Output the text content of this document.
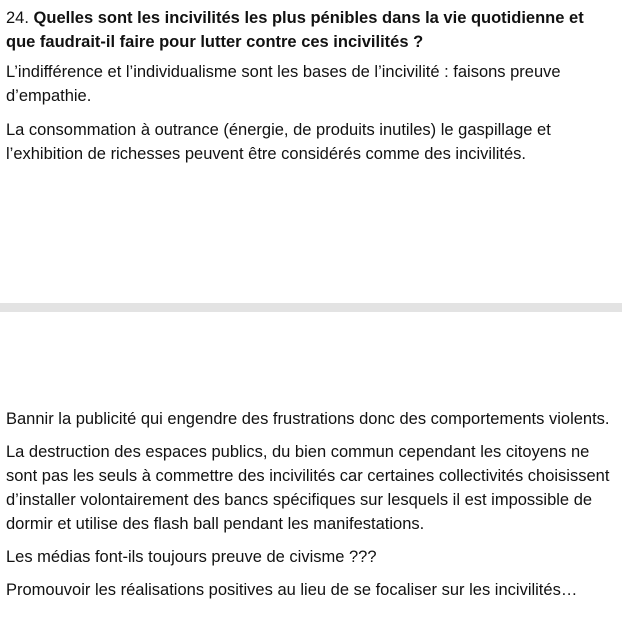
24. Quelles sont les incivilités les plus pénibles dans la vie quotidienne et que faudrait-il faire pour lutter contre ces incivilités ?

L’indifférence et l’individualisme sont les bases de l’incivilité : faisons preuve d’empathie.

La consommation à outrance (énergie, de produits inutiles) le gaspillage et l’exhibition de richesses peuvent être considérés comme des incivilités.

Bannir la publicité qui engendre des frustrations donc des comportements violents.

La destruction des espaces publics, du bien commun cependant les citoyens ne sont pas les seuls à commettre des incivilités car certaines collectivités choisissent d’installer volontairement des bancs spécifiques sur lesquels il est impossible de dormir et utilise des flash ball pendant les manifestations.

Les médias font-ils toujours preuve de civisme ???

Promouvoir les réalisations positives au lieu de se focaliser sur les incivilités…
